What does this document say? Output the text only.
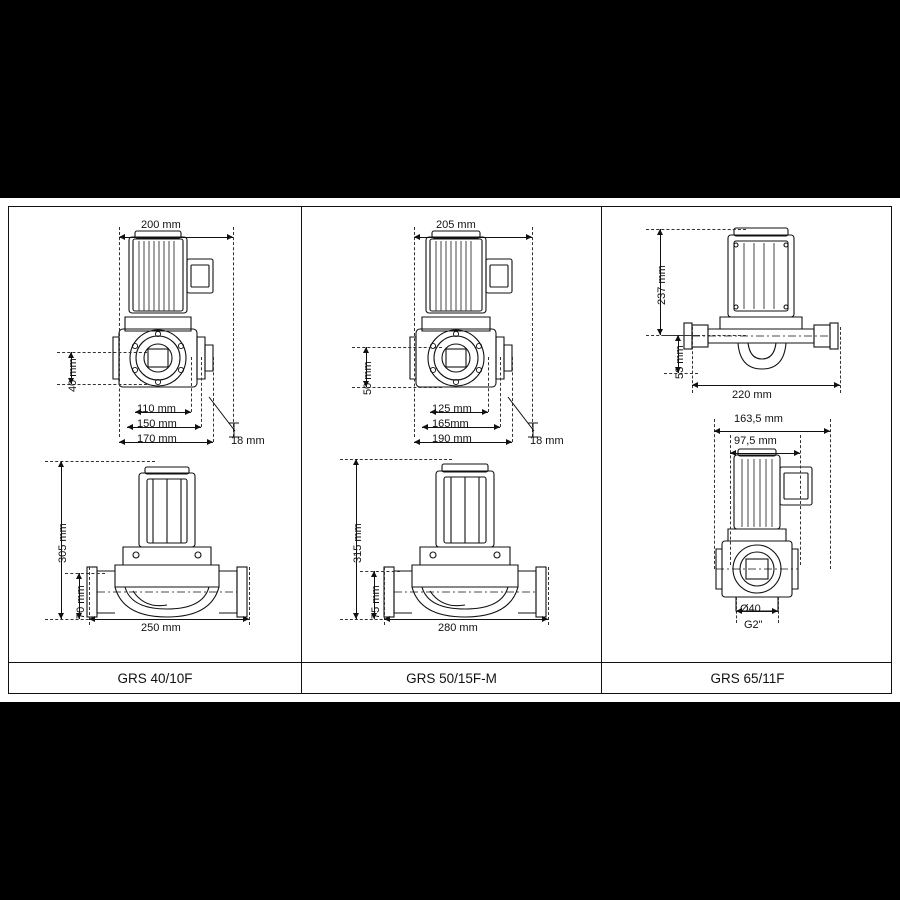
GRS 40/10F	GRS 50/15F-M	GRS 65/11F
200 mm
40 mm
110 mm
150 mm
170 mm	18 mm
305 mm
70 mm
250 mm
205 mm
50 mm
125 mm
165mm
190 mm	18 mm
315 mm
75 mm
280 mm
237 mm
53 mm
220 mm
163,5 mm
97,5 mm
Ø40
G2"
